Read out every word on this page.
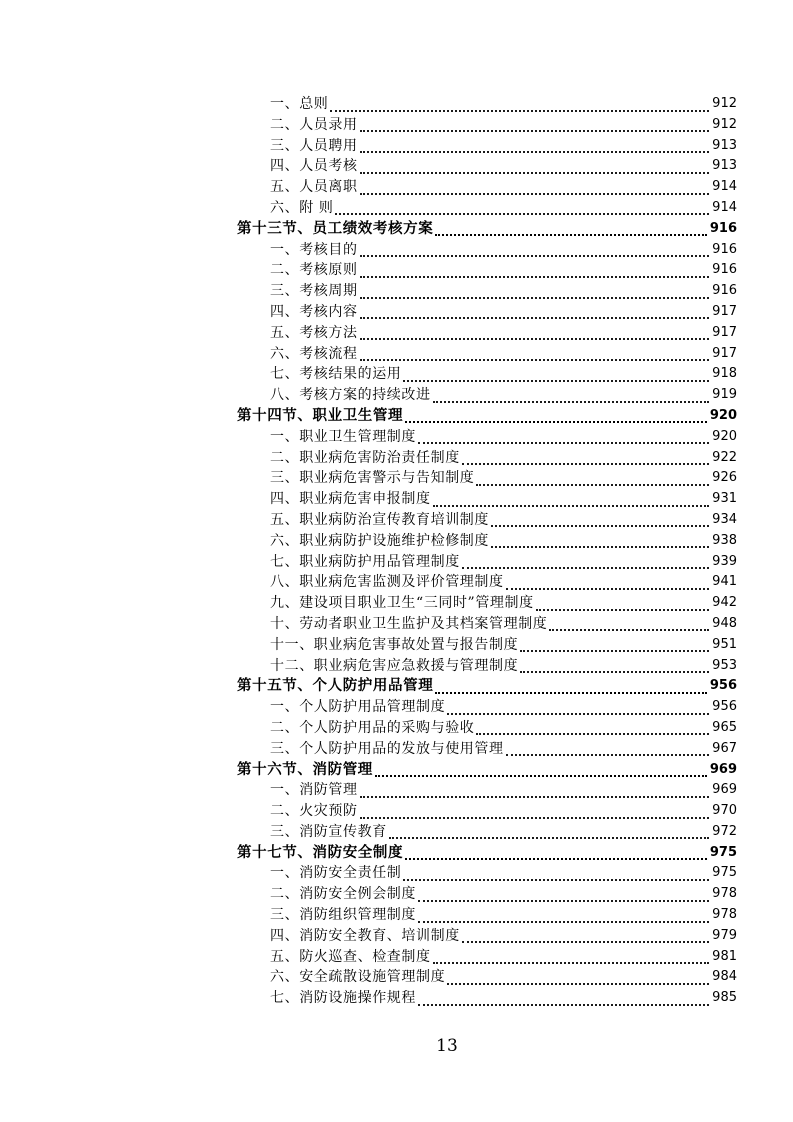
一、总则	912
二、人员录用	912
三、人员聘用	913
四、人员考核	913
五、人员离职	914
六、附 则	914
第十三节、员工绩效考核方案	916
一、考核目的	916
二、考核原则	916
三、考核周期	916
四、考核内容	917
五、考核方法	917
六、考核流程	917
七、考核结果的运用	918
八、考核方案的持续改进	919
第十四节、职业卫生管理	920
一、职业卫生管理制度	920
二、职业病危害防治责任制度	922
三、职业病危害警示与告知制度	926
四、职业病危害申报制度	931
五、职业病防治宣传教育培训制度	934
六、职业病防护设施维护检修制度	938
七、职业病防护用品管理制度	939
八、职业病危害监测及评价管理制度	941
九、建设项目职业卫生“三同时”管理制度	942
十、劳动者职业卫生监护及其档案管理制度	948
十一、职业病危害事故处置与报告制度	951
十二、职业病危害应急救援与管理制度	953
第十五节、个人防护用品管理	956
一、个人防护用品管理制度	956
二、个人防护用品的采购与验收	965
三、个人防护用品的发放与使用管理	967
第十六节、消防管理	969
一、消防管理	969
二、火灾预防	970
三、消防宣传教育	972
第十七节、消防安全制度	975
一、消防安全责任制	975
二、消防安全例会制度	978
三、消防组织管理制度	978
四、消防安全教育、培训制度	979
五、防火巡查、检查制度	981
六、安全疏散设施管理制度	984
七、消防设施操作规程	985
13
